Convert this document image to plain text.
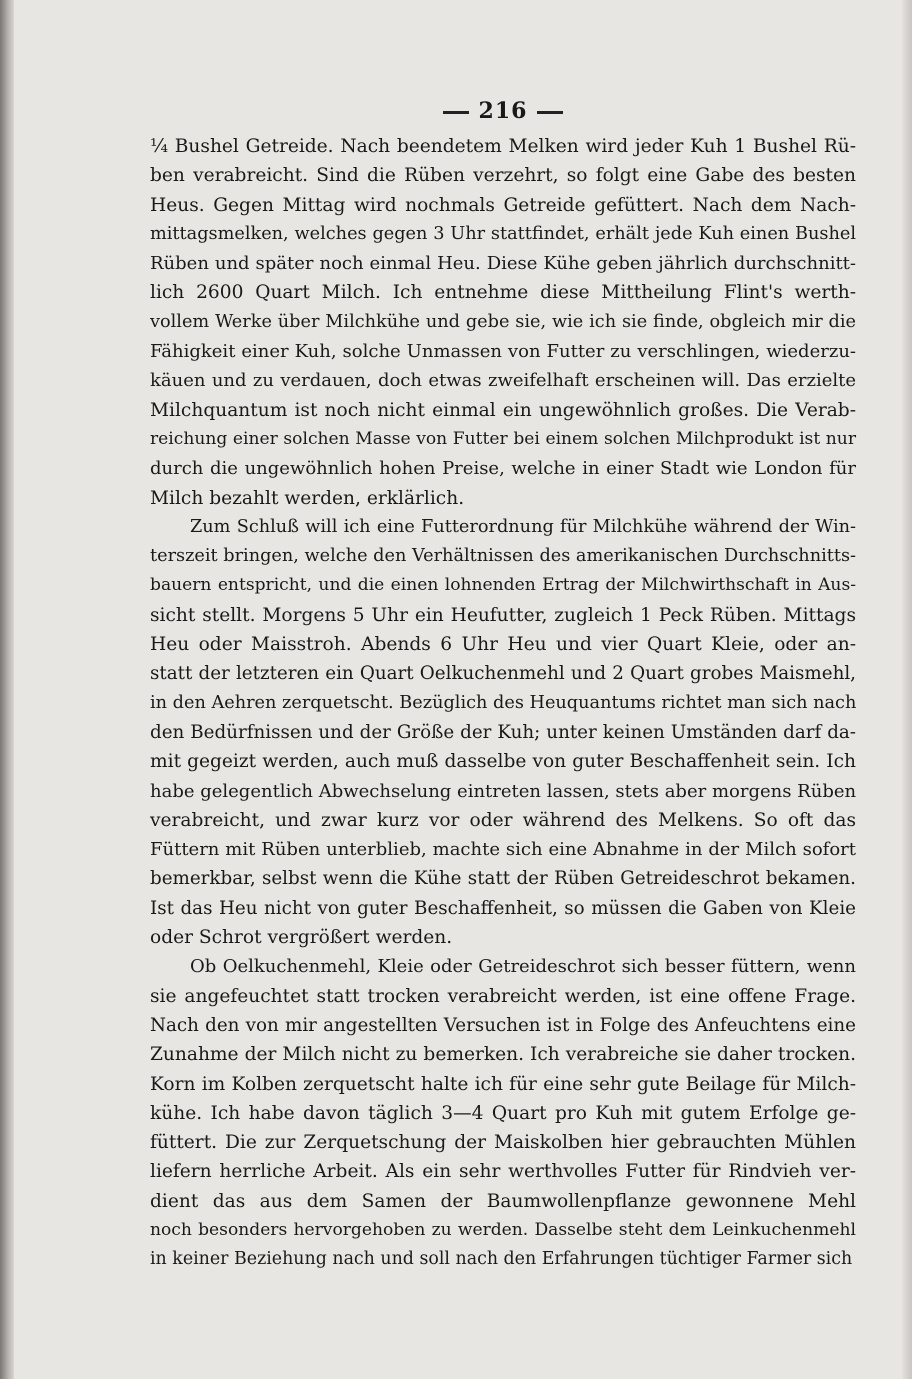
216

¼ Bushel Getreide. Nach beendetem Melken wird jeder Kuh 1 Bushel Rü-
ben verabreicht. Sind die Rüben verzehrt, so folgt eine Gabe des besten
Heus. Gegen Mittag wird nochmals Getreide gefüttert. Nach dem Nach-
mittagsmelken, welches gegen 3 Uhr stattfindet, erhält jede Kuh einen Bushel
Rüben und später noch einmal Heu. Diese Kühe geben jährlich durchschnitt-
lich 2600 Quart Milch. Ich entnehme diese Mittheilung Flint's werth-
vollem Werke über Milchkühe und gebe sie, wie ich sie finde, obgleich mir die
Fähigkeit einer Kuh, solche Unmassen von Futter zu verschlingen, wiederzu-
käuen und zu verdauen, doch etwas zweifelhaft erscheinen will. Das erzielte
Milchquantum ist noch nicht einmal ein ungewöhnlich großes. Die Verab-
reichung einer solchen Masse von Futter bei einem solchen Milchprodukt ist nur
durch die ungewöhnlich hohen Preise, welche in einer Stadt wie London für
Milch bezahlt werden, erklärlich.

Zum Schluß will ich eine Futterordnung für Milchkühe während der Win-
terszeit bringen, welche den Verhältnissen des amerikanischen Durchschnitts-
bauern entspricht, und die einen lohnenden Ertrag der Milchwirthschaft in Aus-
sicht stellt. Morgens 5 Uhr ein Heufutter, zugleich 1 Peck Rüben. Mittags
Heu oder Maisstroh. Abends 6 Uhr Heu und vier Quart Kleie, oder an-
statt der letzteren ein Quart Oelkuchenmehl und 2 Quart grobes Maismehl,
in den Aehren zerquetscht. Bezüglich des Heuquantums richtet man sich nach
den Bedürfnissen und der Größe der Kuh; unter keinen Umständen darf da-
mit gegeizt werden, auch muß dasselbe von guter Beschaffenheit sein. Ich
habe gelegentlich Abwechselung eintreten lassen, stets aber morgens Rüben
verabreicht, und zwar kurz vor oder während des Melkens. So oft das
Füttern mit Rüben unterblieb, machte sich eine Abnahme in der Milch sofort
bemerkbar, selbst wenn die Kühe statt der Rüben Getreideschrot bekamen.
Ist das Heu nicht von guter Beschaffenheit, so müssen die Gaben von Kleie
oder Schrot vergrößert werden.

Ob Oelkuchenmehl, Kleie oder Getreideschrot sich besser füttern, wenn
sie angefeuchtet statt trocken verabreicht werden, ist eine offene Frage.
Nach den von mir angestellten Versuchen ist in Folge des Anfeuchtens eine
Zunahme der Milch nicht zu bemerken. Ich verabreiche sie daher trocken.
Korn im Kolben zerquetscht halte ich für eine sehr gute Beilage für Milch-
kühe. Ich habe davon täglich 3—4 Quart pro Kuh mit gutem Erfolge ge-
füttert. Die zur Zerquetschung der Maiskolben hier gebrauchten Mühlen
liefern herrliche Arbeit. Als ein sehr werthvolles Futter für Rindvieh ver-
dient das aus dem Samen der Baumwollenpflanze gewonnene Mehl
noch besonders hervorgehoben zu werden. Dasselbe steht dem Leinkuchenmehl
in keiner Beziehung nach und soll nach den Erfahrungen tüchtiger Farmer sich
